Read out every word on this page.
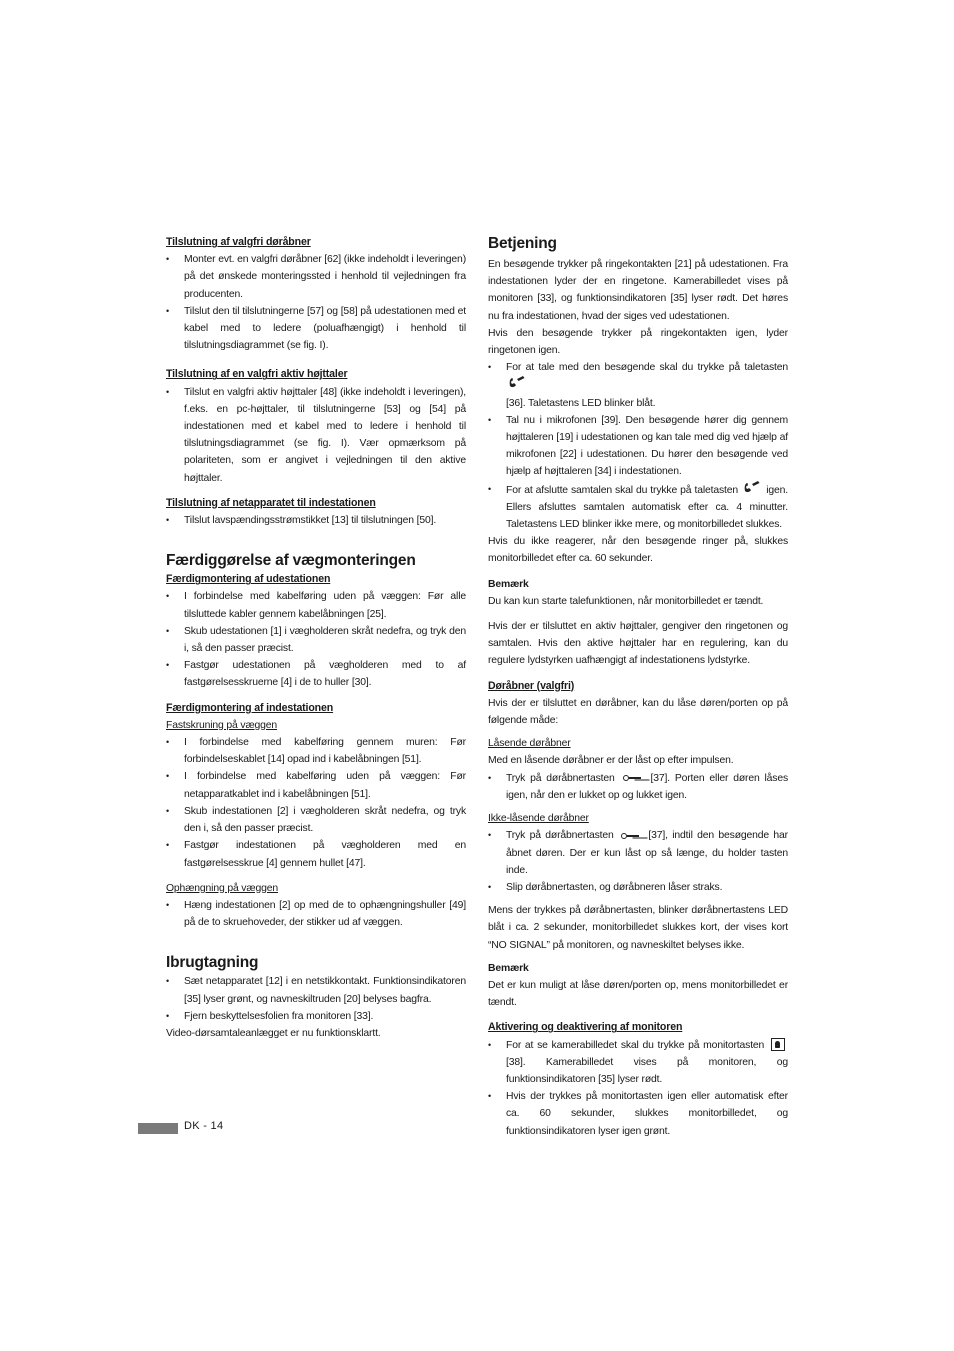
Tilslutning af valgfri døråbner

• Monter evt. en valgfri døråbner [62] (ikke indeholdt i leveringen) på det ønskede monteringssted i henhold til vejledningen fra producenten.
• Tilslut den til tilslutningerne [57] og [58] på udestationen med et kabel med to ledere (poluafhængigt) i henhold til tilslutningsdiagrammet (se fig. I).

Tilslutning af en valgfri aktiv højttaler

• Tilslut en valgfri aktiv højttaler [48] (ikke indeholdt i leveringen), f.eks. en pc-højttaler, til tilslutningerne [53] og [54] på indestationen med et kabel med to ledere i henhold til tilslutningsdiagrammet (se fig. I). Vær opmærksom på polariteten, som er angivet i vejledningen til den aktive højttaler.

Tilslutning af netapparatet til indestationen

• Tilslut lavspændingsstrømstikket [13] til tilslutningen [50].

Færdiggørelse af vægmonteringen

Færdigmontering af udestationen

• I forbindelse med kabelføring uden på væggen: Før alle tilsluttede kabler gennem kabelåbningen [25].
• Skub udestationen [1] i vægholderen skråt nedefra, og tryk den i, så den passer præcist.
• Fastgør udestationen på vægholderen med to af fastgørelsesskruerne [4] i de to huller [30].

Færdigmontering af indestationen

Fastskruning på væggen

• I forbindelse med kabelføring gennem muren: Før forbindelseskablet [14] opad ind i kabelåbningen [51].
• I forbindelse med kabelføring uden på væggen: Før netapparatkablet ind i kabelåbningen [51].
• Skub indestationen [2] i vægholderen skråt nedefra, og tryk den i, så den passer præcist.
• Fastgør indestationen på vægholderen med en fastgørelsesskrue [4] gennem hullet [47].

Ophængning på væggen

• Hæng indestationen [2] op med de to ophængningshuller [49] på de to skruehoveder, der stikker ud af væggen.

Ibrugtagning

• Sæt netapparatet [12] i en netstikkontakt. Funktionsindikatoren [35] lyser grønt, og navneskiltruden [20] belyses bagfra.
• Fjern beskyttelsesfolien fra monitoren [33].

Video-dørsamtaleanlægget er nu funktionsklartt.

Betjening

En besøgende trykker på ringekontakten [21] på udestationen. Fra indestationen lyder der en ringetone. Kamerabilledet vises på monitoren [33], og funktionsindikatoren [35] lyser rødt. Det høres nu fra indestationen, hvad der siges ved udestationen.

Hvis den besøgende trykker på ringekontakten igen, lyder ringetonen igen.

• For at tale med den besøgende skal du trykke på taletasten
[36]. Taletastens LED blinker blåt.
• Tal nu i mikrofonen [39]. Den besøgende hører dig gennem højttaleren [19] i udestationen og kan tale med dig ved hjælp af mikrofonen [22] i udestationen. Du hører den besøgende ved hjælp af højttaleren [34] i indestationen.
• For at afslutte samtalen skal du trykke på taletasten	igen. Ellers afsluttes samtalen automatisk efter ca. 4 minutter. Taletastens LED blinker ikke mere, og monitorbilledet slukkes.

Hvis du ikke reagerer, når den besøgende ringer på, slukkes monitorbilledet efter ca. 60 sekunder.

Bemærk

Du kan kun starte talefunktionen, når monitorbilledet er tændt.

Hvis der er tilsluttet en aktiv højttaler, gengiver den ringetonen og samtalen. Hvis den aktive højttaler har en regulering, kan du regulere lydstyrken uafhængigt af indestationens lydstyrke.

Døråbner (valgfri)

Hvis der er tilsluttet en døråbner, kan du låse døren/porten op på følgende måde:

Låsende døråbner

Med en låsende døråbner er der låst op efter impulsen.

• Tryk på døråbnertasten	[37]. Porten eller døren låses igen, når den er lukket op og lukket igen.

Ikke-låsende døråbner

• Tryk på døråbnertasten	[37], indtil den besøgende har åbnet døren. Der er kun låst op så længe, du holder tasten inde.
• Slip døråbnertasten, og døråbneren låser straks.

Mens der trykkes på døråbnertasten, blinker døråbnertastens LED blåt i ca. 2 sekunder, monitorbilledet slukkes kort, der vises kort “NO SIGNAL” på monitoren, og navneskiltet belyses ikke.

Bemærk

Det er kun muligt at låse døren/porten op, mens monitorbilledet er tændt.

Aktivering og deaktivering af monitoren

• For at se kamerabilledet skal du trykke på monitortasten  [38]. Kamerabilledet vises på monitoren, og funktionsindikatoren [35] lyser rødt.
• Hvis der trykkes på monitortasten igen eller automatisk efter ca. 60 sekunder, slukkes monitorbilledet, og funktionsindikatoren lyser igen grønt.
DK - 14
